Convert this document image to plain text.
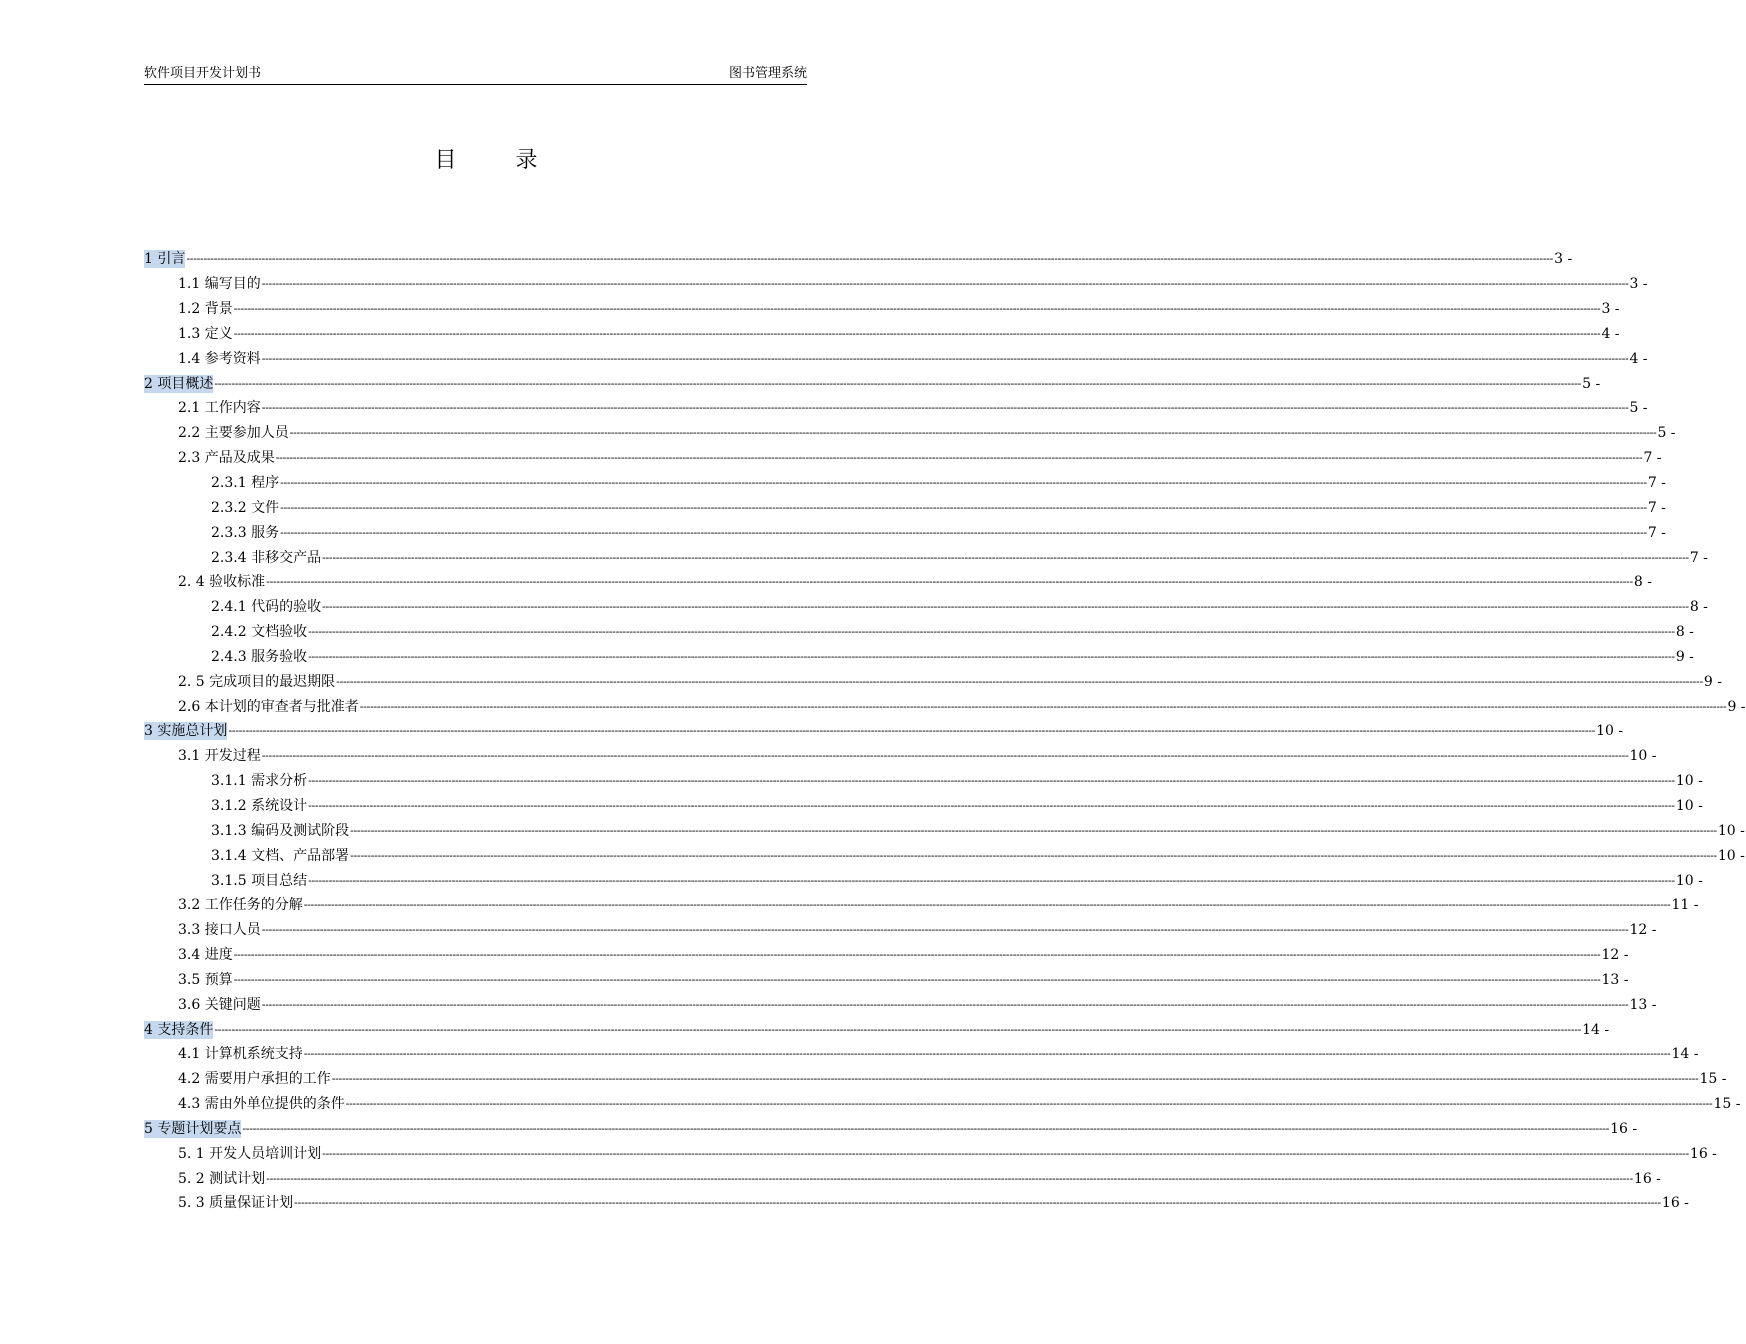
软件项目开发计划书	图书管理系统
目 录
1 引言 ---------------------------------------------------------------------------------------------------------------------------------------------------------------------------------------------------------------------------------------------------------------------------------------------------------------------------------------------------------------------------------------------------------------- 3 -
1.1 编写目的 ---------------------------------------------------------------------------------------------------------------------------------------------------------------------------------------------------------------------------------------------------------------------------------------------------------------------------------------------------------------------------------------------------------------- 3 -
1.2 背景 ---------------------------------------------------------------------------------------------------------------------------------------------------------------------------------------------------------------------------------------------------------------------------------------------------------------------------------------------------------------------------------------------------------------- 3 -
1.3 定义 ---------------------------------------------------------------------------------------------------------------------------------------------------------------------------------------------------------------------------------------------------------------------------------------------------------------------------------------------------------------------------------------------------------------- 4 -
1.4 参考资料 ---------------------------------------------------------------------------------------------------------------------------------------------------------------------------------------------------------------------------------------------------------------------------------------------------------------------------------------------------------------------------------------------------------------- 4 -
2 项目概述 ---------------------------------------------------------------------------------------------------------------------------------------------------------------------------------------------------------------------------------------------------------------------------------------------------------------------------------------------------------------------------------------------------------------- 5 -
2.1 工作内容 ---------------------------------------------------------------------------------------------------------------------------------------------------------------------------------------------------------------------------------------------------------------------------------------------------------------------------------------------------------------------------------------------------------------- 5 -
2.2 主要参加人员 ---------------------------------------------------------------------------------------------------------------------------------------------------------------------------------------------------------------------------------------------------------------------------------------------------------------------------------------------------------------------------------------------------------------- 5 -
2.3 产品及成果 ---------------------------------------------------------------------------------------------------------------------------------------------------------------------------------------------------------------------------------------------------------------------------------------------------------------------------------------------------------------------------------------------------------------- 7 -
2.3.1 程序 ---------------------------------------------------------------------------------------------------------------------------------------------------------------------------------------------------------------------------------------------------------------------------------------------------------------------------------------------------------------------------------------------------------------- 7 -
2.3.2 文件 ---------------------------------------------------------------------------------------------------------------------------------------------------------------------------------------------------------------------------------------------------------------------------------------------------------------------------------------------------------------------------------------------------------------- 7 -
2.3.3 服务 ---------------------------------------------------------------------------------------------------------------------------------------------------------------------------------------------------------------------------------------------------------------------------------------------------------------------------------------------------------------------------------------------------------------- 7 -
2.3.4 非移交产品 ---------------------------------------------------------------------------------------------------------------------------------------------------------------------------------------------------------------------------------------------------------------------------------------------------------------------------------------------------------------------------------------------------------------- 7 -
2. 4 验收标准 ---------------------------------------------------------------------------------------------------------------------------------------------------------------------------------------------------------------------------------------------------------------------------------------------------------------------------------------------------------------------------------------------------------------- 8 -
2.4.1 代码的验收 ---------------------------------------------------------------------------------------------------------------------------------------------------------------------------------------------------------------------------------------------------------------------------------------------------------------------------------------------------------------------------------------------------------------- 8 -
2.4.2 文档验收 ---------------------------------------------------------------------------------------------------------------------------------------------------------------------------------------------------------------------------------------------------------------------------------------------------------------------------------------------------------------------------------------------------------------- 8 -
2.4.3 服务验收 ---------------------------------------------------------------------------------------------------------------------------------------------------------------------------------------------------------------------------------------------------------------------------------------------------------------------------------------------------------------------------------------------------------------- 9 -
2. 5 完成项目的最迟期限 ---------------------------------------------------------------------------------------------------------------------------------------------------------------------------------------------------------------------------------------------------------------------------------------------------------------------------------------------------------------------------------------------------------------- 9 -
2.6 本计划的审查者与批准者 ---------------------------------------------------------------------------------------------------------------------------------------------------------------------------------------------------------------------------------------------------------------------------------------------------------------------------------------------------------------------------------------------------------------- 9 -
3 实施总计划 ---------------------------------------------------------------------------------------------------------------------------------------------------------------------------------------------------------------------------------------------------------------------------------------------------------------------------------------------------------------------------------------------------------------- 10 -
3.1 开发过程 ---------------------------------------------------------------------------------------------------------------------------------------------------------------------------------------------------------------------------------------------------------------------------------------------------------------------------------------------------------------------------------------------------------------- 10 -
3.1.1 需求分析 ---------------------------------------------------------------------------------------------------------------------------------------------------------------------------------------------------------------------------------------------------------------------------------------------------------------------------------------------------------------------------------------------------------------- 10 -
3.1.2 系统设计 ---------------------------------------------------------------------------------------------------------------------------------------------------------------------------------------------------------------------------------------------------------------------------------------------------------------------------------------------------------------------------------------------------------------- 10 -
3.1.3 编码及测试阶段 ---------------------------------------------------------------------------------------------------------------------------------------------------------------------------------------------------------------------------------------------------------------------------------------------------------------------------------------------------------------------------------------------------------------- 10 -
3.1.4 文档、产品部署 ---------------------------------------------------------------------------------------------------------------------------------------------------------------------------------------------------------------------------------------------------------------------------------------------------------------------------------------------------------------------------------------------------------------- 10 -
3.1.5 项目总结 ---------------------------------------------------------------------------------------------------------------------------------------------------------------------------------------------------------------------------------------------------------------------------------------------------------------------------------------------------------------------------------------------------------------- 10 -
3.2 工作任务的分解 ---------------------------------------------------------------------------------------------------------------------------------------------------------------------------------------------------------------------------------------------------------------------------------------------------------------------------------------------------------------------------------------------------------------- 11 -
3.3 接口人员 ---------------------------------------------------------------------------------------------------------------------------------------------------------------------------------------------------------------------------------------------------------------------------------------------------------------------------------------------------------------------------------------------------------------- 12 -
3.4 进度 ---------------------------------------------------------------------------------------------------------------------------------------------------------------------------------------------------------------------------------------------------------------------------------------------------------------------------------------------------------------------------------------------------------------- 12 -
3.5 预算 ---------------------------------------------------------------------------------------------------------------------------------------------------------------------------------------------------------------------------------------------------------------------------------------------------------------------------------------------------------------------------------------------------------------- 13 -
3.6 关键问题 ---------------------------------------------------------------------------------------------------------------------------------------------------------------------------------------------------------------------------------------------------------------------------------------------------------------------------------------------------------------------------------------------------------------- 13 -
4 支持条件 ---------------------------------------------------------------------------------------------------------------------------------------------------------------------------------------------------------------------------------------------------------------------------------------------------------------------------------------------------------------------------------------------------------------- 14 -
4.1 计算机系统支持 ---------------------------------------------------------------------------------------------------------------------------------------------------------------------------------------------------------------------------------------------------------------------------------------------------------------------------------------------------------------------------------------------------------------- 14 -
4.2 需要用户承担的工作 ---------------------------------------------------------------------------------------------------------------------------------------------------------------------------------------------------------------------------------------------------------------------------------------------------------------------------------------------------------------------------------------------------------------- 15 -
4.3 需由外单位提供的条件 ---------------------------------------------------------------------------------------------------------------------------------------------------------------------------------------------------------------------------------------------------------------------------------------------------------------------------------------------------------------------------------------------------------------- 15 -
5 专题计划要点 ---------------------------------------------------------------------------------------------------------------------------------------------------------------------------------------------------------------------------------------------------------------------------------------------------------------------------------------------------------------------------------------------------------------- 16 -
5. 1 开发人员培训计划 ---------------------------------------------------------------------------------------------------------------------------------------------------------------------------------------------------------------------------------------------------------------------------------------------------------------------------------------------------------------------------------------------------------------- 16 -
5. 2 测试计划 ---------------------------------------------------------------------------------------------------------------------------------------------------------------------------------------------------------------------------------------------------------------------------------------------------------------------------------------------------------------------------------------------------------------- 16 -
5. 3 质量保证计划 ---------------------------------------------------------------------------------------------------------------------------------------------------------------------------------------------------------------------------------------------------------------------------------------------------------------------------------------------------------------------------------------------------------------- 16 -
